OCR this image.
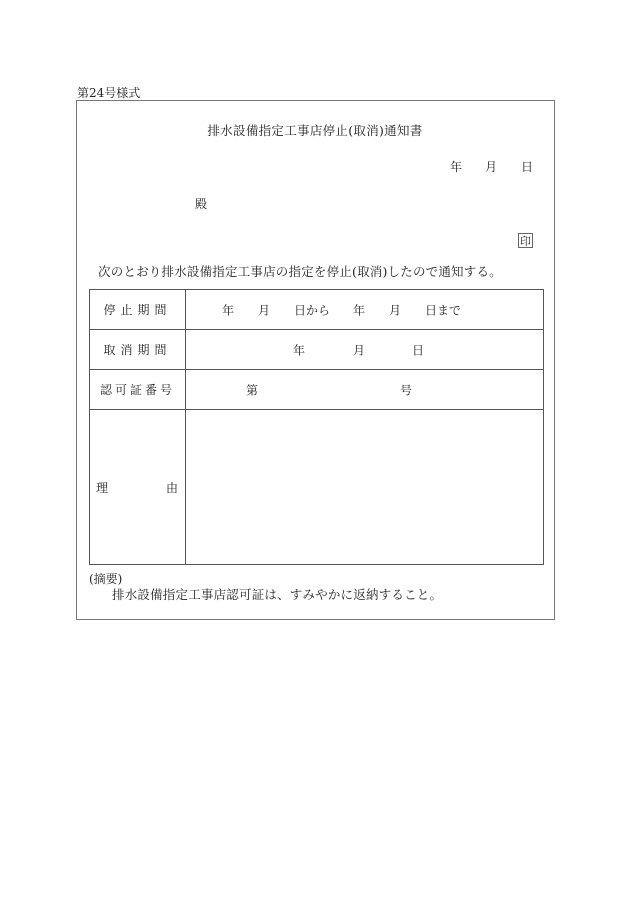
第24号様式
排水設備指定工事店停止(取消)通知書
年 月 日
殿
印
次のとおり排水設備指定工事店の指定を停止(取消)したので通知する。
停止期間	年 月 日から 年 月 日まで

取消期間	年 月 日

認可証番号	第 号

理 由	

(摘要)
排水設備指定工事店認可証は、すみやかに返納すること。
